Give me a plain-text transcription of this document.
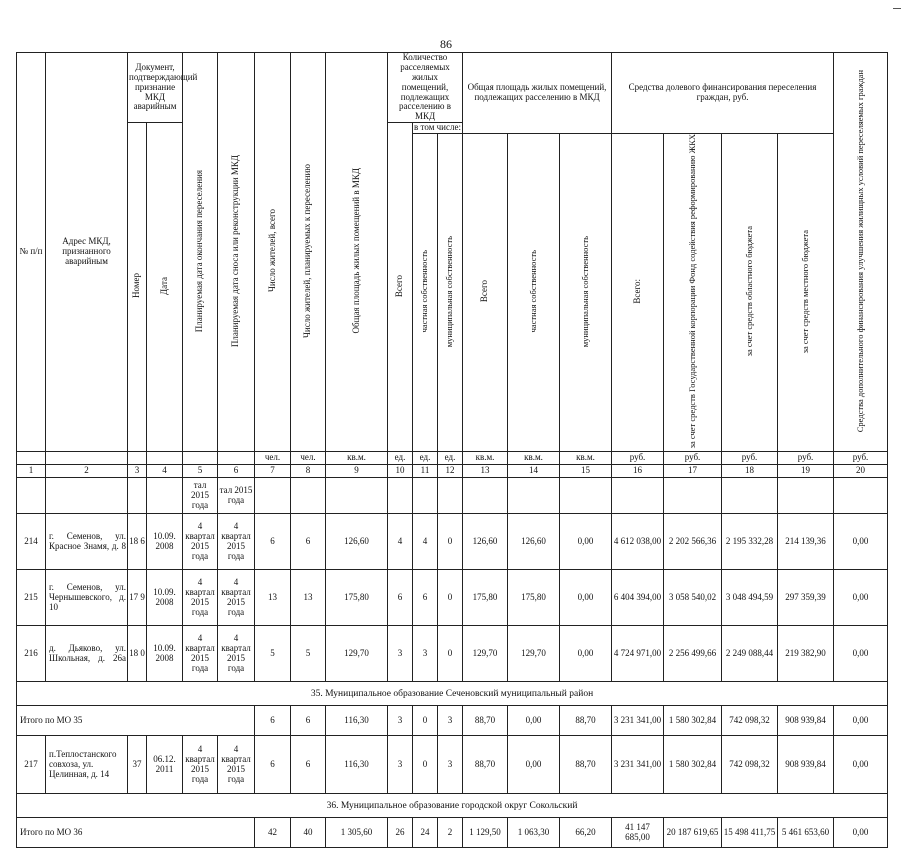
86
№ п/п	Адрес МКД, признанного аварийным	Документ, подтверждающий признание МКД аварийным		Планируемая дата окончания переселения	Планируемая дата сноса или реконструкции МКД	Число жителей, всего	Число жителей, планируемых к переселению	Общая площадь жилых помещений в МКД	Количество расселяемых жилых помещений, подлежащих расселению в МКД			Общая площадь жилых помещений, подлежащих расселению в МКД			Средства долевого финансирования переселения граждан, руб.				Средства дополнительного финансирования улучшения жилищных условий переселяемых граждан
		Номер	Дата						Всего	в том числе:									
										частная собственность	муниципальная собственность	Всего	частная собственность	муниципальная собственность	Всего:	за счет средств Государственной корпорации Фонд содействия реформированию ЖКХ	за счет средств областного бюджета	за счет средств местного бюджета	
						чел.	чел.	кв.м.	ед.	ед.	ед.	кв.м.	кв.м.	кв.м.	руб.	руб.	руб.	руб.	руб.
1	2	3	4	5	6	7	8	9	10	11	12	13	14	15	16	17	18	19	20
				тал 2015 года	тал 2015 года														
214	г. Семенов, ул. Красное Знамя, д. 8	18 6	10.09. 2008	4 квартал 2015 года	4 квартал 2015 года	6	6	126,60	4	4	0	126,60	126,60	0,00	4 612 038,00	2 202 566,36	2 195 332,28	214 139,36	0,00
215	г. Семенов, ул. Чернышевского, д. 10	17 9	10.09. 2008	4 квартал 2015 года	4 квартал 2015 года	13	13	175,80	6	6	0	175,80	175,80	0,00	6 404 394,00	3 058 540,02	3 048 494,59	297 359,39	0,00
216	д. Дьяково, ул. Школьная, д. 26а	18 0	10.09. 2008	4 квартал 2015 года	4 квартал 2015 года	5	5	129,70	3	3	0	129,70	129,70	0,00	4 724 971,00	2 256 499,66	2 249 088,44	219 382,90	0,00
35. Муниципальное образование Сеченовский муниципальный район																			
Итого по МО 35						6	6	116,30	3	0	3	88,70	0,00	88,70	3 231 341,00	1 580 302,84	742 098,32	908 939,84	0,00
217	п.Теплостанского совхоза, ул. Целинная, д. 14	37	06.12. 2011	4 квартал 2015 года	4 квартал 2015 года	6	6	116,30	3	0	3	88,70	0,00	88,70	3 231 341,00	1 580 302,84	742 098,32	908 939,84	0,00
36. Муниципальное образование городской округ Сокольский																			
Итого по МО 36						42	40	1 305,60	26	24	2	1 129,50	1 063,30	66,20	41 147 685,00	20 187 619,65	15 498 411,75	5 461 653,60	0,00
